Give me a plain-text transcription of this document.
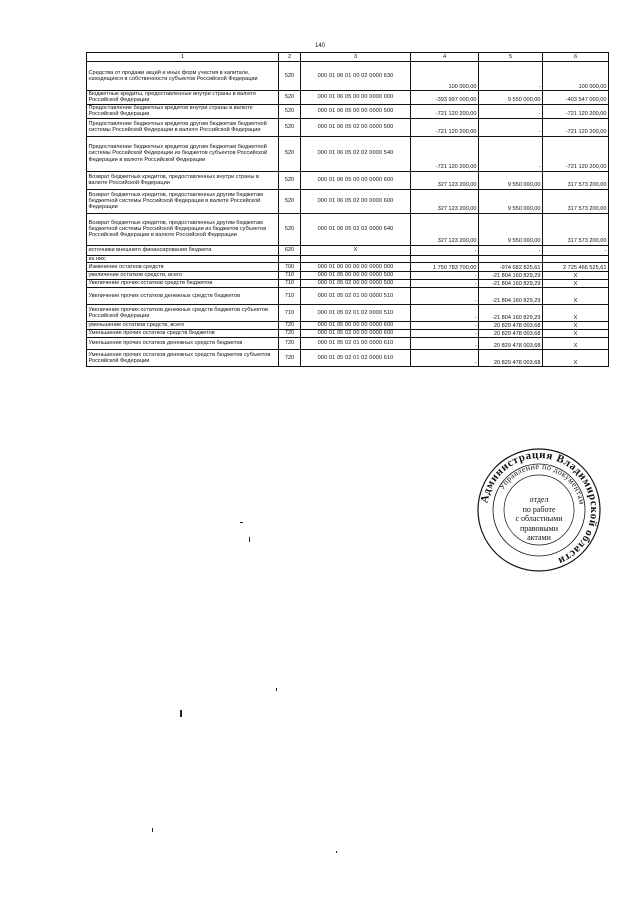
140
1	2	3	4	5	6
Средства от продажи акций и иных форм участия в капитале, находящихся в собственности субъектов Российской Федерации	520	000 01 06 01 00 02 0000 630	100 000,00	-	100 000,00
Бюджетные кредиты, предоставленные внутри страны в валюте Российской Федерации	520	000 01 06 05 00 00 0000 000	-393 997 000,00	9 550 000,00	-403 547 000,00
Предоставление бюджетных кредитов внутри страны в валюте Российской Федерации	520	000 01 06 05 00 00 0000 500	-721 120 200,00	-	-721 120 200,00
Предоставление бюджетных кредитов другим бюджетам бюджетной системы Российской Федерации в валюте Российской Федерации	520	000 01 06 05 02 00 0000 500	-721 120 200,00	-	-721 120 200,00
Предоставление бюджетных кредитов другим бюджетам бюджетной системы Российской Федерации из бюджетов субъектов Российской Федерации в валюте Российской Федерации	520	000 01 06 05 02 02 0000 540	-721 120 200,00	-	-721 120 200,00
Возврат бюджетных кредитов, предоставленных внутри страны в валюте Российской Федерации	520	000 01 06 05 00 00 0000 600	327 123 200,00	9 550 000,00	317 573 200,00
Возврат бюджетных кредитов, предоставленных другим бюджетам бюджетной системы Российской Федерации в валюте Российской Федерации	520	000 01 06 05 02 00 0000 600	327 123 200,00	9 550 000,00	317 573 200,00
Возврат бюджетных кредитов, предоставленных другим бюджетам бюджетной системы Российской Федерации из бюджетов субъектов Российской Федерации в валюте Российской Федерации	520	000 01 06 05 02 02 0000 640	327 123 200,00	9 550 000,00	317 573 200,00
источники внешнего финансирования бюджета	620	X	-	-	-
из них:					
Изменение остатков средств	700	000 01 00 00 00 00 0000 000	1 750 783 700,00	-974 682 825,61	2 725 466 525,61
увеличение остатков средств, всего	710	000 01 05 00 00 00 0000 500	-	-21 804 160 829,29	X
Увеличение прочих остатков средств бюджетов	710	000 01 05 02 00 00 0000 500	-	-21 804 160 829,29	X
Увеличение прочих остатков денежных средств бюджетов	710	000 01 05 02 01 00 0000 510	-	-21 804 160 829,29	X
Увеличение прочих остатков денежных средств бюджетов субъектов Российской Федерации	710	000 01 05 02 01 02 0000 510	-	-21 804 160 829,29	X
уменьшение остатков средств, всего	720	000 01 05 00 00 00 0000 600	-	20 829 478 003,68	X
Уменьшение прочих остатков средств бюджетов	720	000 01 05 02 00 00 0000 600	-	20 829 478 003,68	X
Уменьшение прочих остатков денежных средств бюджетов	720	000 01 05 02 01 00 0000 610	-	20 829 478 003,68	X
Уменьшение прочих остатков денежных средств бюджетов субъектов Российской Федерации	720	000 01 05 02 01 02 0000 610	-	20 829 478 003,68	X
Администрация Владимирской области
Управление по документам
отдел
по работе
с областными
правовыми
актами
